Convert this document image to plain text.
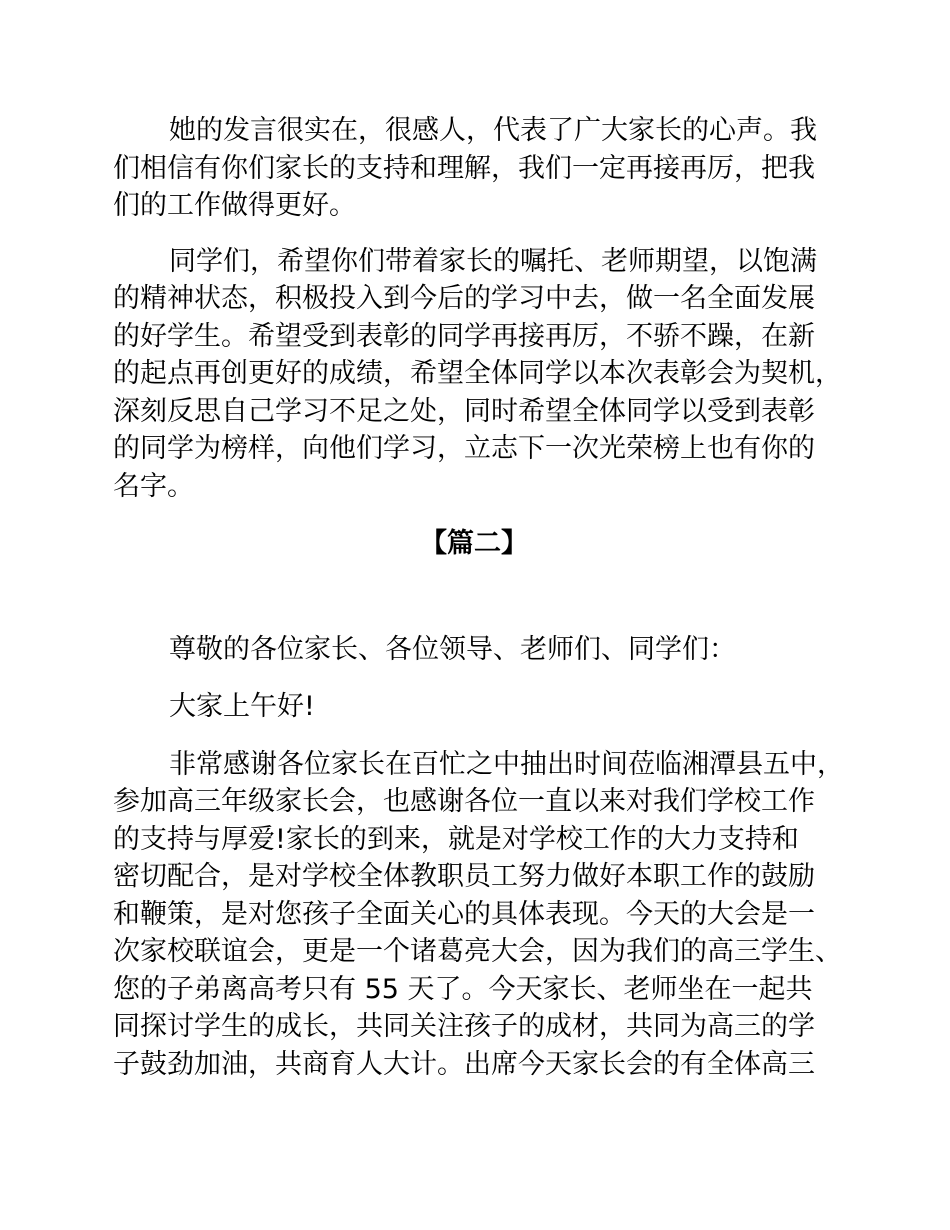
她的发言很实在，很感人，代表了广大家长的心声。我
们相信有你们家长的支持和理解，我们一定再接再厉，把我
们的工作做得更好。

同学们，希望你们带着家长的嘱托、老师期望，以饱满
的精神状态，积极投入到今后的学习中去，做一名全面发展
的好学生。希望受到表彰的同学再接再厉，不骄不躁，在新
的起点再创更好的成绩，希望全体同学以本次表彰会为契机，
深刻反思自己学习不足之处，同时希望全体同学以受到表彰
的同学为榜样，向他们学习，立志下一次光荣榜上也有你的
名字。

【篇二】

尊敬的各位家长、各位领导、老师们、同学们：

大家上午好!

非常感谢各位家长在百忙之中抽出时间莅临湘潭县五中，
参加高三年级家长会，也感谢各位一直以来对我们学校工作
的支持与厚爱!家长的到来，就是对学校工作的大力支持和
密切配合，是对学校全体教职员工努力做好本职工作的鼓励
和鞭策，是对您孩子全面关心的具体表现。今天的大会是一
次家校联谊会，更是一个诸葛亮大会，因为我们的高三学生、
您的子弟离高考只有 55 天了。今天家长、老师坐在一起共
同探讨学生的成长，共同关注孩子的成材，共同为高三的学
子鼓劲加油，共商育人大计。出席今天家长会的有全体高三
